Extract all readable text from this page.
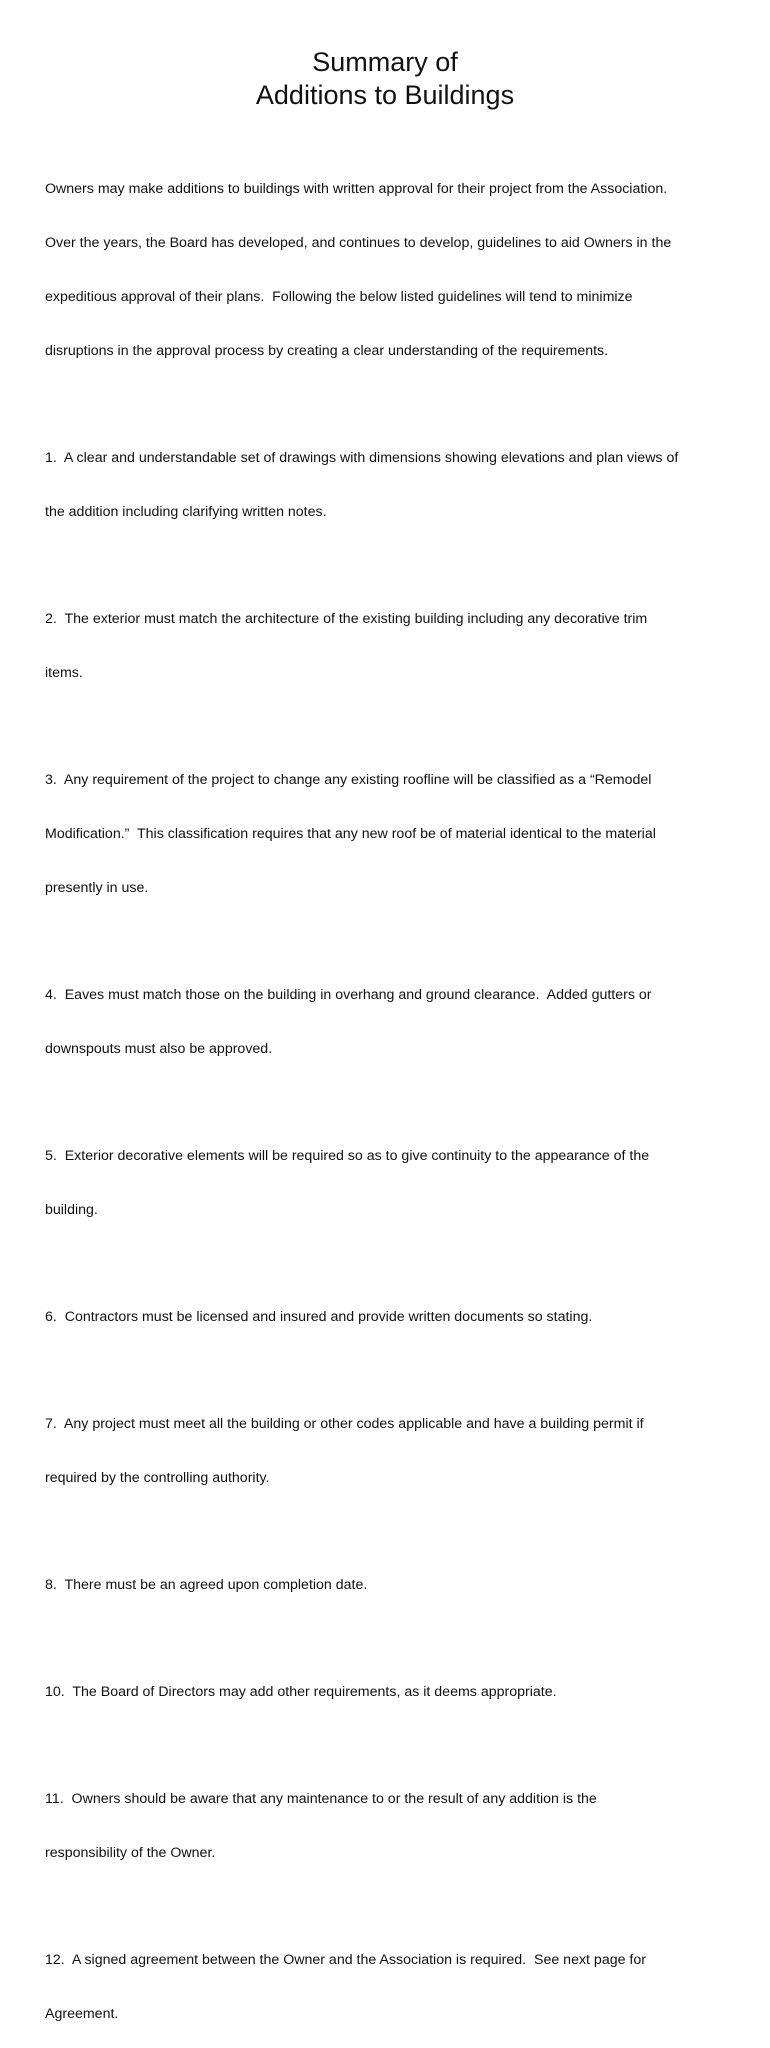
Summary of
Additions to Buildings

Owners may make additions to buildings with written approval for their project from the Association.

Over the years, the Board has developed, and continues to develop, guidelines to aid Owners in the

expeditious approval of their plans.  Following the below listed guidelines will tend to minimize

disruptions in the approval process by creating a clear understanding of the requirements.

1.  A clear and understandable set of drawings with dimensions showing elevations and plan views of

the addition including clarifying written notes.

2.  The exterior must match the architecture of the existing building including any decorative trim

items.

3.  Any requirement of the project to change any existing roofline will be classified as a “Remodel

Modification.”  This classification requires that any new roof be of material identical to the material

presently in use.

4.  Eaves must match those on the building in overhang and ground clearance.  Added gutters or

downspouts must also be approved.

5.  Exterior decorative elements will be required so as to give continuity to the appearance of the

building.

6.  Contractors must be licensed and insured and provide written documents so stating.

7.  Any project must meet all the building or other codes applicable and have a building permit if

required by the controlling authority.

8.  There must be an agreed upon completion date.

10.  The Board of Directors may add other requirements, as it deems appropriate.

11.  Owners should be aware that any maintenance to or the result of any addition is the

responsibility of the Owner.

12.  A signed agreement between the Owner and the Association is required.  See next page for

Agreement.
